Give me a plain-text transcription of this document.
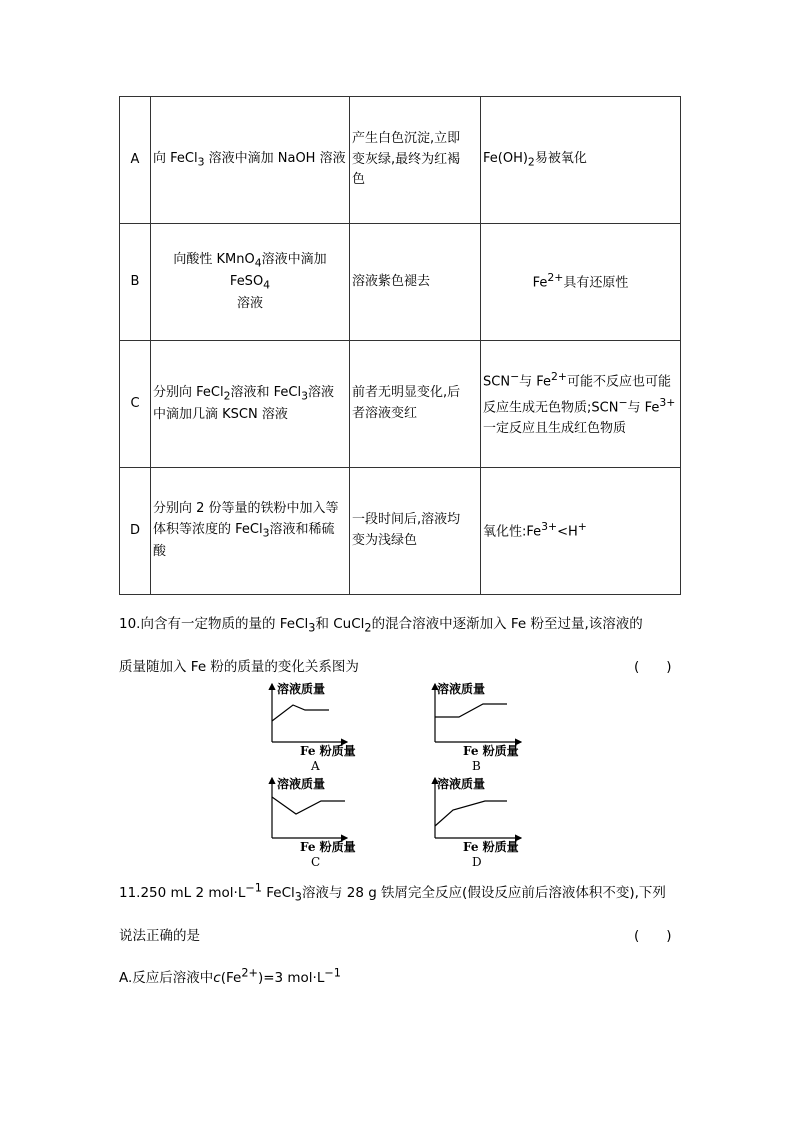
A	向 FeCl$_3$ 溶液中滴加 NaOH 溶液	产生白色沉淀,立即
变灰绿,最终为红褐
色	$Fe(OH)_2$易被氧化
B	向酸性 KMnO$_4$溶液中滴加
FeSO$_4$
溶液	溶液紫色褪去	$Fe^{2+}$具有还原性
C	分别向 FeCl$_2$溶液和 FeCl$_3$溶液
中滴加几滴 KSCN 溶液	前者无明显变化,后
者溶液变红	SCN−与 $Fe^{2+}$可能不反应也可能
反应生成无色物质;SCN−与 $Fe^{3+}$
一定反应且生成红色物质
D	分别向 2 份等量的铁粉中加入等
体积等浓度的 FeCl$_3$溶液和稀硫
酸	一段时间后,溶液均
变为浅绿色	氧化性$:Fe^{3+}<H^+$
10.向含有一定物质的量的 FeCl$_3$和 CuCl$_2$的混合溶液中逐渐加入 Fe 粉至过量,该溶液的
质量随加入 Fe 粉的质量的变化关系图为	(　　)
溶液质量
Fe 粉质量
A
溶液质量
Fe 粉质量
B
溶液质量
Fe 粉质量
C
溶液质量
Fe 粉质量
D
11.250 mL 2 $mol\cdot L^{-1}$ FeCl$_3$溶液与 28 g 铁屑完全反应(假设反应前后溶液体积不变),下列
说法正确的是	(　　)
A.反应后溶液中$c(Fe^{2+})=3$ $mol\cdot L^{-1}$
